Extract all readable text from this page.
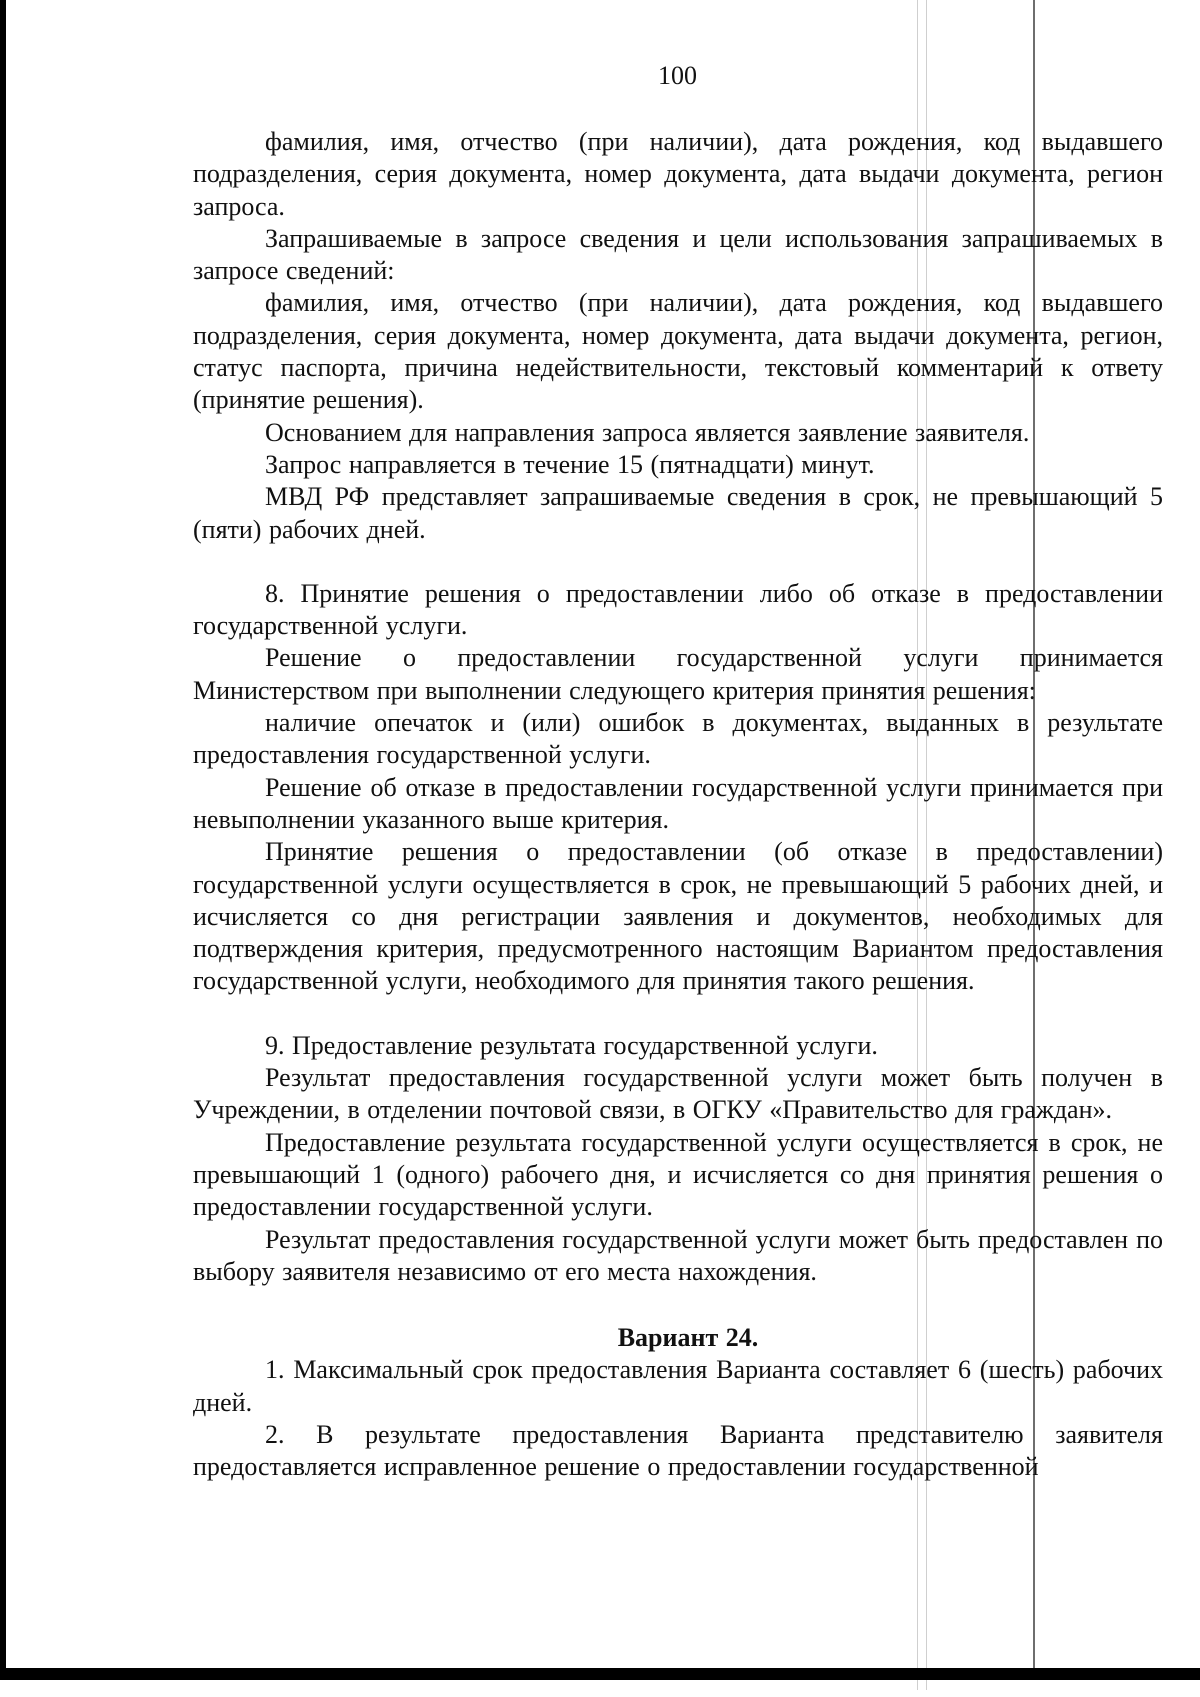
100

фамилия, имя, отчество (при наличии), дата рождения, код выдавшего подразделения, серия документа, номер документа, дата выдачи документа, регион запроса.

Запрашиваемые в запросе сведения и цели использования запрашиваемых в запросе сведений:

фамилия, имя, отчество (при наличии), дата рождения, код выдавшего подразделения, серия документа, номер документа, дата выдачи документа, регион, статус паспорта, причина недействительности, текстовый комментарий к ответу (принятие решения).

Основанием для направления запроса является заявление заявителя.

Запрос направляется в течение 15 (пятнадцати) минут.

МВД РФ представляет запрашиваемые сведения в срок, не превышающий 5 (пяти) рабочих дней.

8. Принятие решения о предоставлении либо об отказе в предоставлении государственной услуги.

Решение о предоставлении государственной услуги принимается Министерством при выполнении следующего критерия принятия решения:

наличие опечаток и (или) ошибок в документах, выданных в результате предоставления государственной услуги.

Решение об отказе в предоставлении государственной услуги принимается при невыполнении указанного выше критерия.

Принятие решения о предоставлении (об отказе в предоставлении) государственной услуги осуществляется в срок, не превышающий 5 рабочих дней, и исчисляется со дня регистрации заявления и документов, необходимых для подтверждения критерия, предусмотренного настоящим Вариантом предоставления государственной услуги, необходимого для принятия такого решения.

9. Предоставление результата государственной услуги.

Результат предоставления государственной услуги может быть получен в Учреждении, в отделении почтовой связи, в ОГКУ «Правительство для граждан».

Предоставление результата государственной услуги осуществляется в срок, не превышающий 1 (одного) рабочего дня, и исчисляется со дня принятия решения о предоставлении государственной услуги.

Результат предоставления государственной услуги может быть предоставлен по выбору заявителя независимо от его места нахождения.

Вариант 24.

1. Максимальный срок предоставления Варианта составляет 6 (шесть) рабочих дней.

2. В результате предоставления Варианта представителю заявителя предоставляется исправленное решение о предоставлении государственной
